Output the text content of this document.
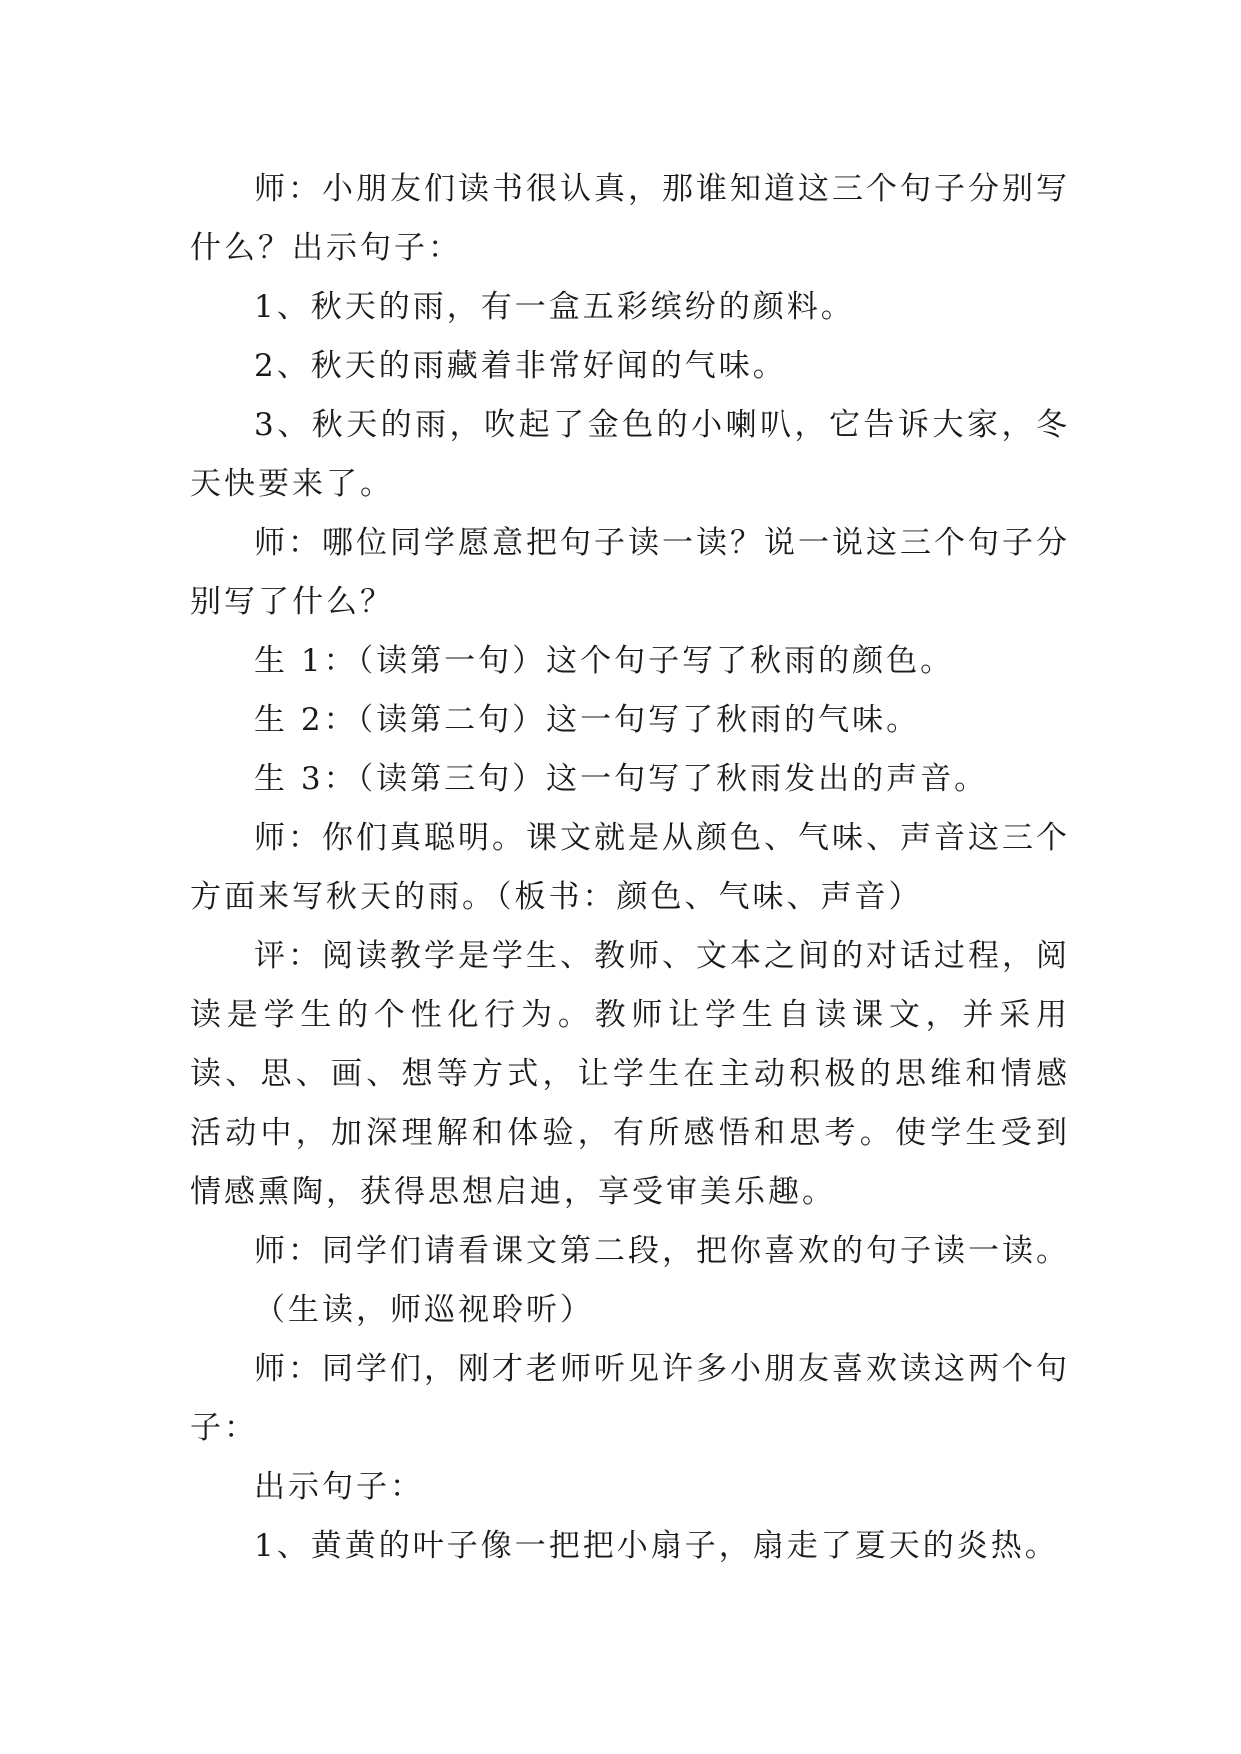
师：小朋友们读书很认真，那谁知道这三个句子分别写什么？出示句子：

1、秋天的雨，有一盒五彩缤纷的颜料。

2、秋天的雨藏着非常好闻的气味。

3、秋天的雨，吹起了金色的小喇叭，它告诉大家，冬天快要来了。

师：哪位同学愿意把句子读一读？说一说这三个句子分别写了什么？

生 1：（读第一句）这个句子写了秋雨的颜色。

生 2：（读第二句）这一句写了秋雨的气味。

生 3：（读第三句）这一句写了秋雨发出的声音。

师：你们真聪明。课文就是从颜色、气味、声音这三个方面来写秋天的雨。（板书：颜色、气味、声音）

评：阅读教学是学生、教师、文本之间的对话过程，阅读是学生的个性化行为。教师让学生自读课文，并采用读、思、画、想等方式，让学生在主动积极的思维和情感活动中，加深理解和体验，有所感悟和思考。使学生受到情感熏陶，获得思想启迪，享受审美乐趣。

师：同学们请看课文第二段，把你喜欢的句子读一读。

（生读，师巡视聆听）

师：同学们，刚才老师听见许多小朋友喜欢读这两个句子：

出示句子：

1、黄黄的叶子像一把把小扇子，扇走了夏天的炎热。
